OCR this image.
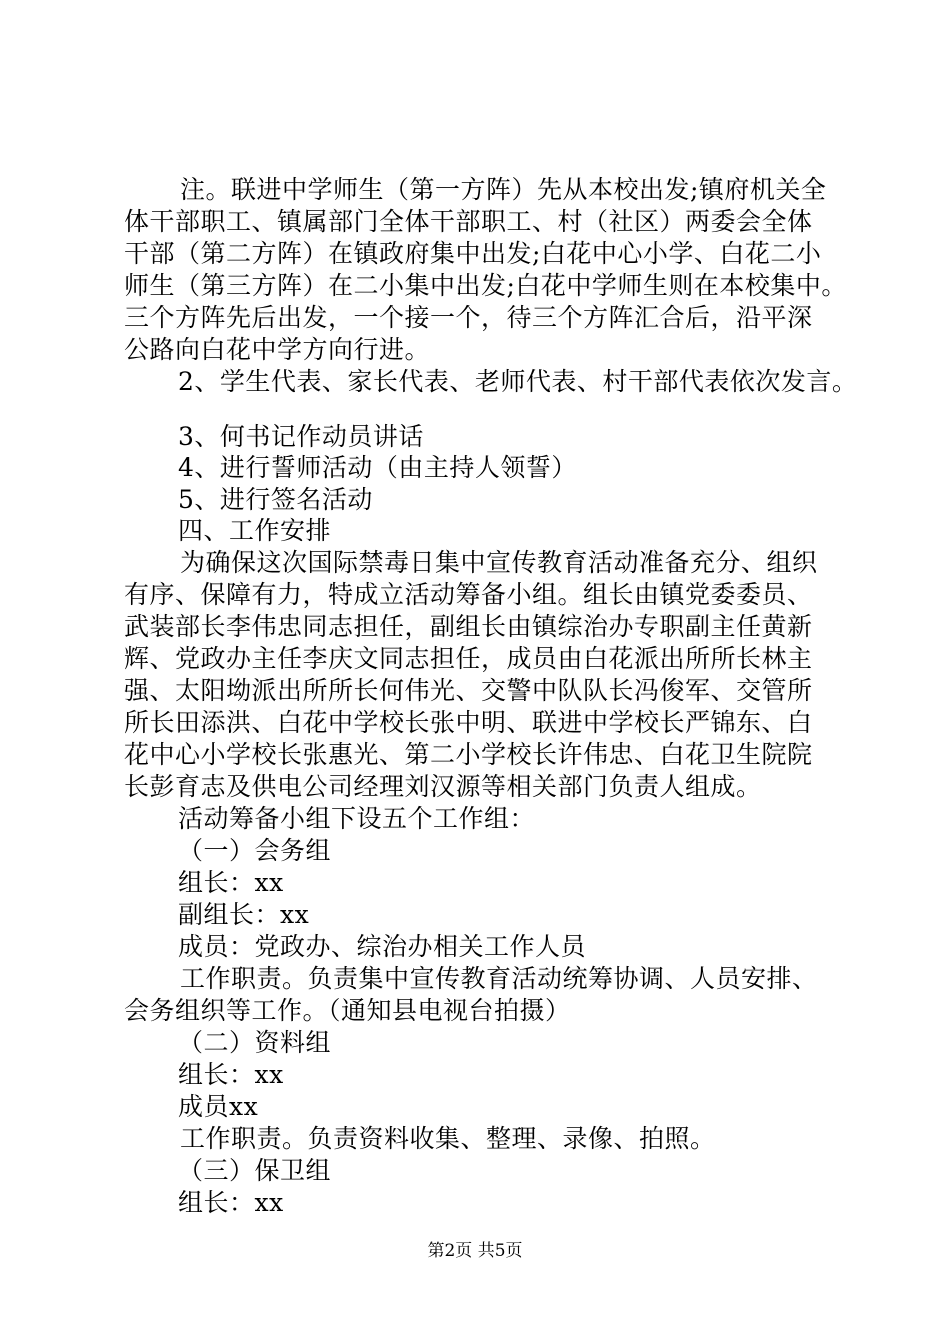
注。联进中学师生（第一方阵）先从本校出发;镇府机关全
体干部职工、镇属部门全体干部职工、村（社区）两委会全体
干部（第二方阵）在镇政府集中出发;白花中心小学、白花二小
师生（第三方阵）在二小集中出发;白花中学师生则在本校集中。
三个方阵先后出发，一个接一个，待三个方阵汇合后，沿平深
公路向白花中学方向行进。
2、学生代表、家长代表、老师代表、村干部代表依次发言。
3、何书记作动员讲话
4、进行誓师活动（由主持人领誓）
5、进行签名活动
四、工作安排
为确保这次国际禁毒日集中宣传教育活动准备充分、组织
有序、保障有力，特成立活动筹备小组。组长由镇党委委员、
武装部长李伟忠同志担任，副组长由镇综治办专职副主任黄新
辉、党政办主任李庆文同志担任，成员由白花派出所所长林主
强、太阳坳派出所所长何伟光、交警中队队长冯俊军、交管所
所长田添洪、白花中学校长张中明、联进中学校长严锦东、白
花中心小学校长张惠光、第二小学校长许伟忠、白花卫生院院
长彭育志及供电公司经理刘汉源等相关部门负责人组成。
活动筹备小组下设五个工作组：
（一）会务组
组长：xx
副组长：xx
成员：党政办、综治办相关工作人员
工作职责。负责集中宣传教育活动统筹协调、人员安排、
会务组织等工作。（通知县电视台拍摄）
（二）资料组
组长：xx
成员xx
工作职责。负责资料收集、整理、录像、拍照。
（三）保卫组
组长：xx
第2页 共5页
